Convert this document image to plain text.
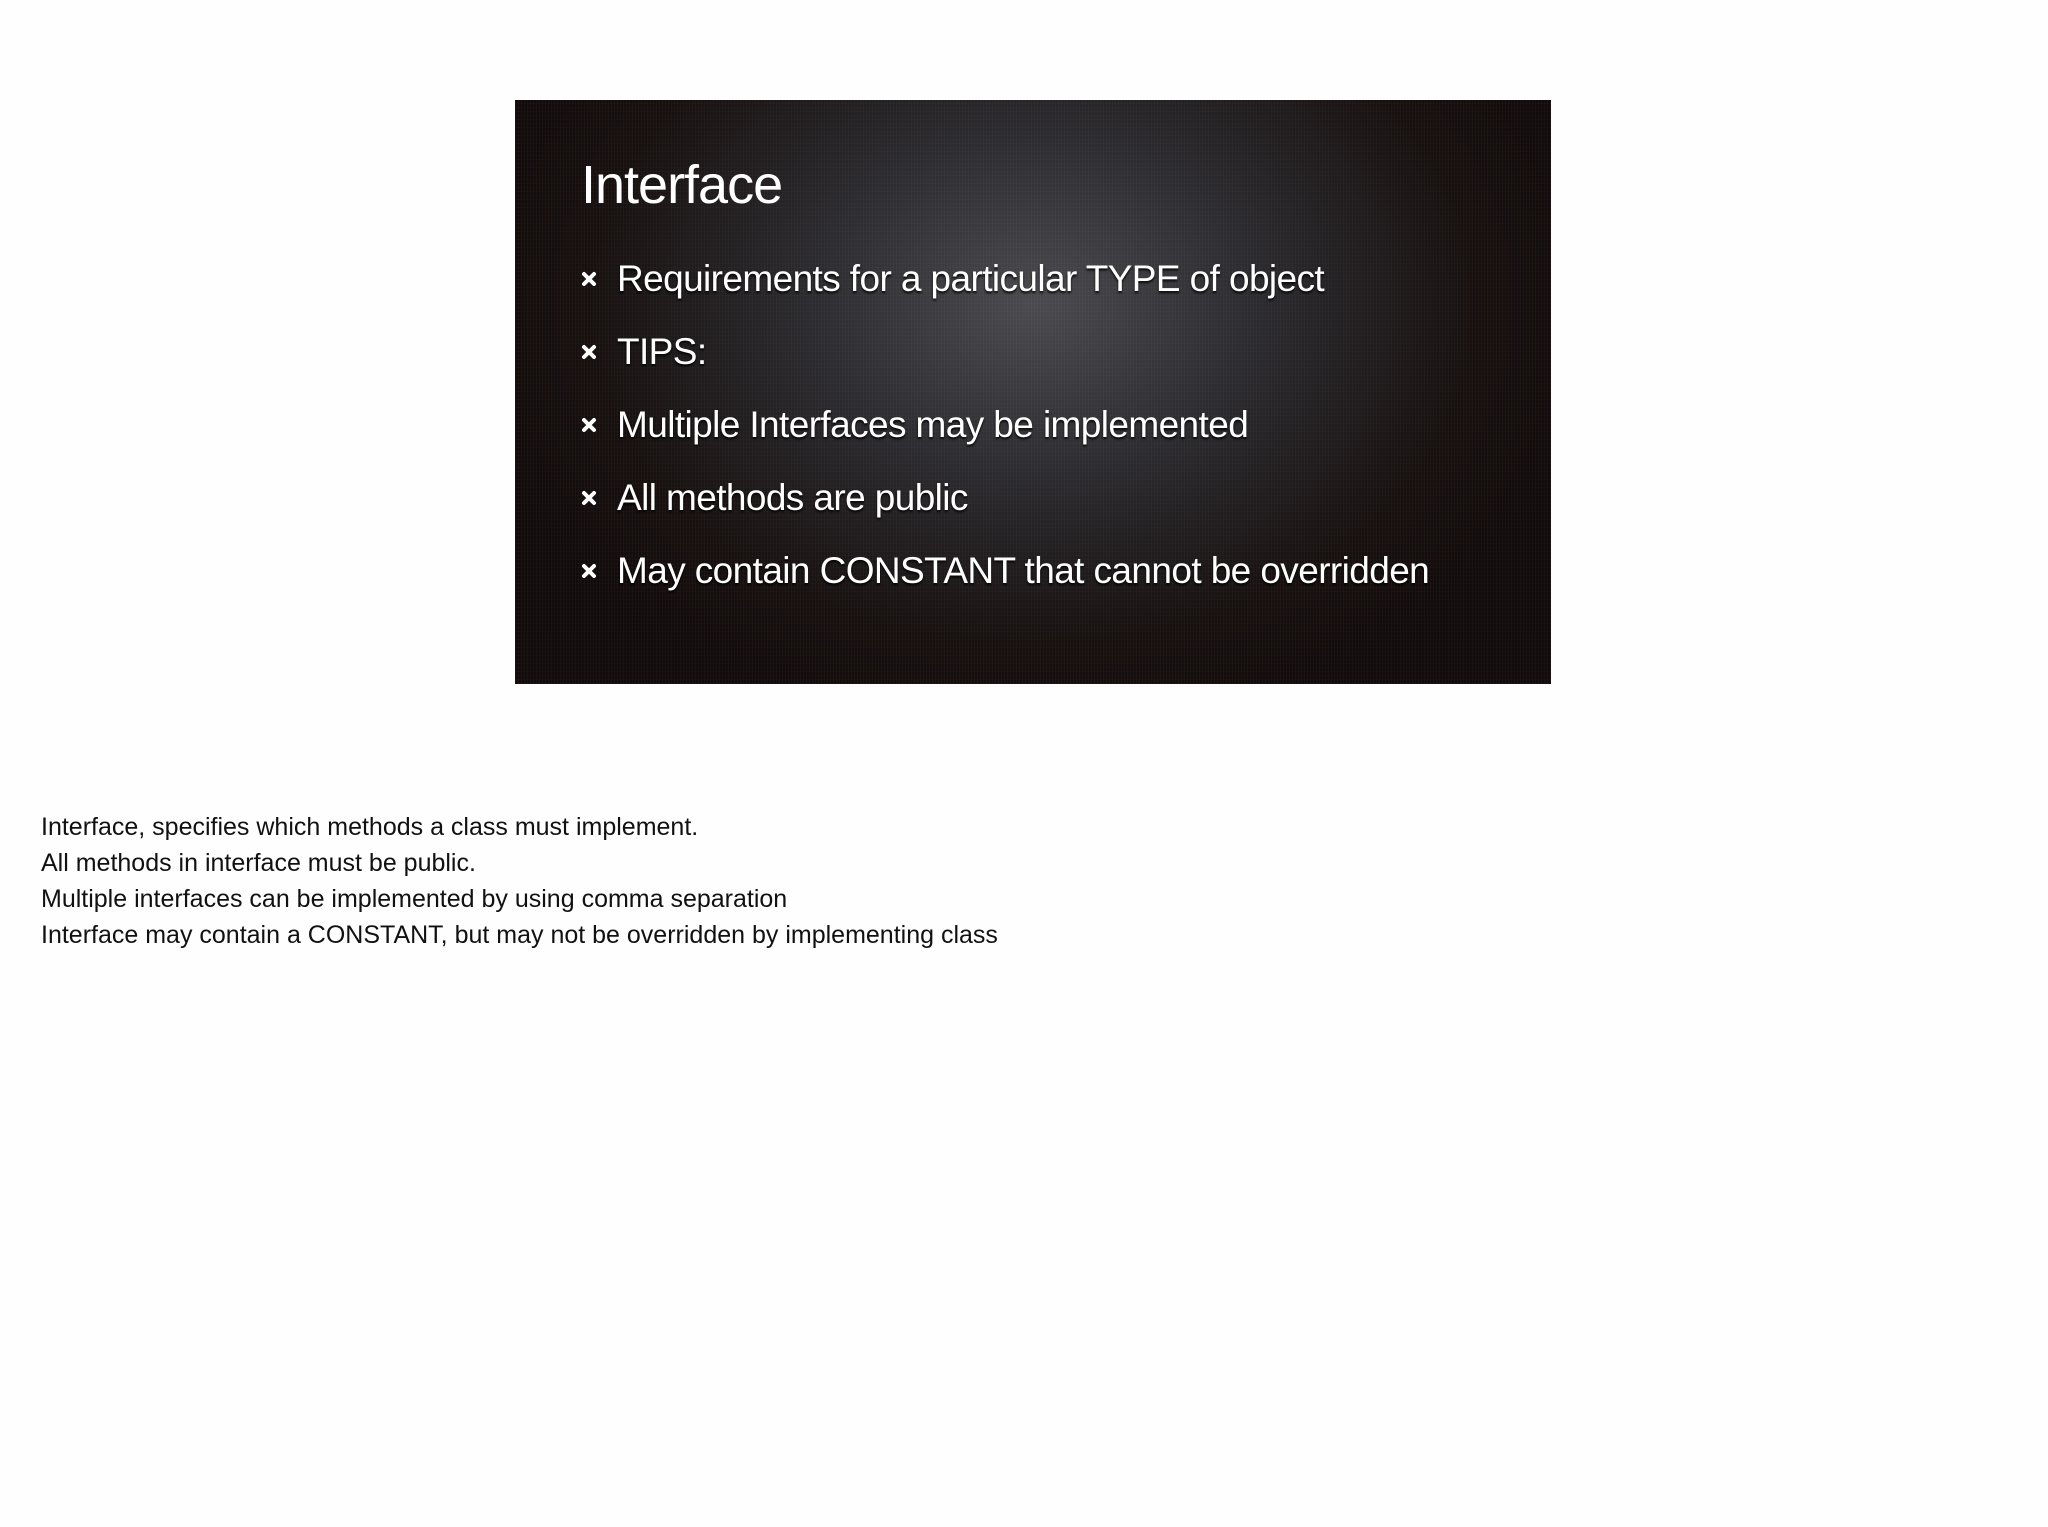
Interface
Requirements for a particular TYPE of object
TIPS:
Multiple Interfaces may be implemented
All methods are public
May contain CONSTANT that cannot be overridden
Interface, specifies which methods a class must implement.
All methods in interface must be public.
Multiple interfaces can be implemented by using comma separation
Interface may contain a CONSTANT, but may not be overridden by implementing class
